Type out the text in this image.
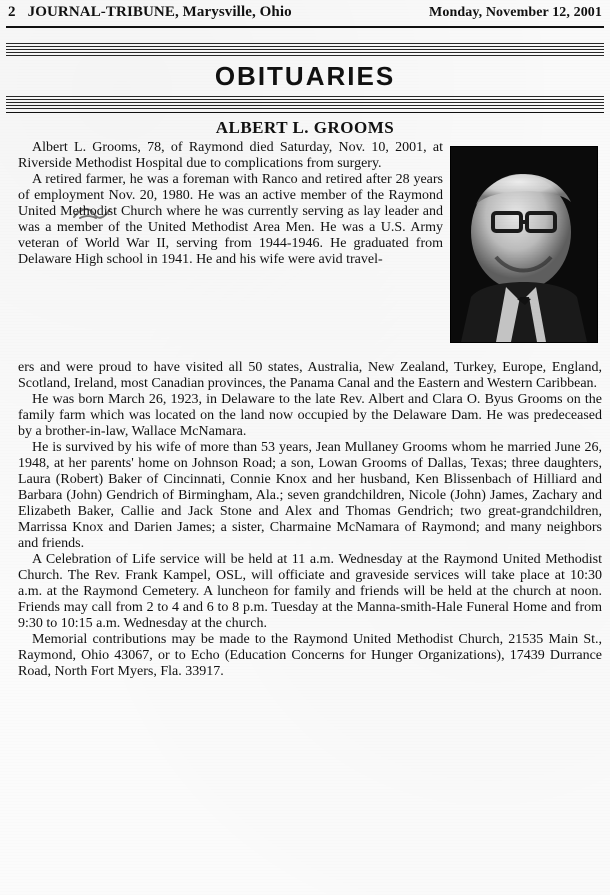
2 JOURNAL-TRIBUNE, Marysville, Ohio	Monday, November 12, 2001
OBITUARIES
ALBERT L. GROOMS

Albert L. Grooms, 78, of Raymond died Saturday, Nov. 10, 2001, at Riverside Methodist Hospital due to complications from surgery.

A retired farmer, he was a foreman with Ranco and retired after 28 years of employment Nov. 20, 1980. He was an active member of the Raymond United Methodist Church where he was currently serving as lay leader and was a member of the United Methodist Area Men. He was a U.S. Army veteran of World War II, serving from 1944-1946. He graduated from Delaware High school in 1941. He and his wife were avid travel-

ers and were proud to have visited all 50 states, Australia, New Zealand, Turkey, Europe, England, Scotland, Ireland, most Canadian provinces, the Panama Canal and the Eastern and Western Caribbean.

He was born March 26, 1923, in Delaware to the late Rev. Albert and Clara O. Byus Grooms on the family farm which was located on the land now occupied by the Delaware Dam. He was predeceased by a brother-in-law, Wallace McNamara.

He is survived by his wife of more than 53 years, Jean Mullaney Grooms whom he married June 26, 1948, at her parents' home on Johnson Road; a son, Lowan Grooms of Dallas, Texas; three daughters, Laura (Robert) Baker of Cincinnati, Connie Knox and her husband, Ken Blissenbach of Hilliard and Barbara (John) Gendrich of Birmingham, Ala.; seven grandchildren, Nicole (John) James, Zachary and Elizabeth Baker, Callie and Jack Stone and Alex and Thomas Gendrich; two great-grandchildren, Marrissa Knox and Darien James; a sister, Charmaine McNamara of Raymond; and many neighbors and friends.

A Celebration of Life service will be held at 11 a.m. Wednesday at the Raymond United Methodist Church. The Rev. Frank Kampel, OSL, will officiate and graveside services will take place at 10:30 a.m. at the Raymond Cemetery. A luncheon for family and friends will be held at the church at noon. Friends may call from 2 to 4 and 6 to 8 p.m. Tuesday at the Manna-smith-Hale Funeral Home and from 9:30 to 10:15 a.m. Wednesday at the church.

Memorial contributions may be made to the Raymond United Methodist Church, 21535 Main St., Raymond, Ohio 43067, or to Echo (Education Concerns for Hunger Organizations), 17439 Durrance Road, North Fort Myers, Fla. 33917.
